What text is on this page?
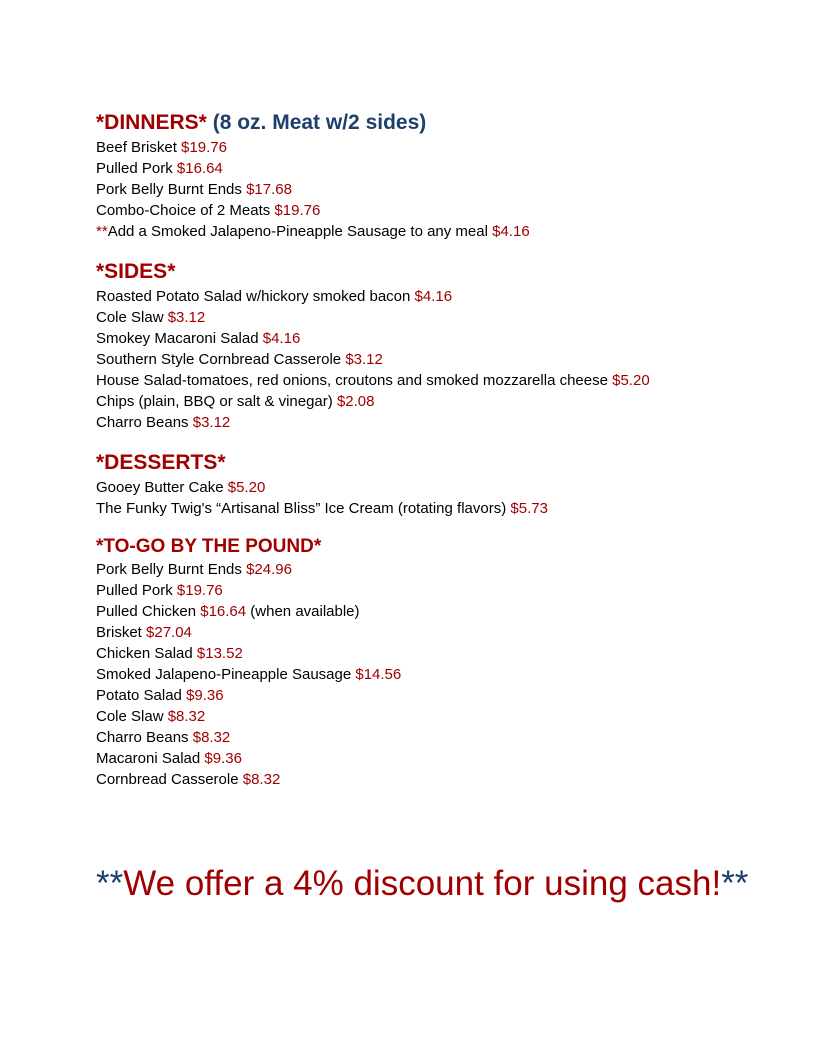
*DINNERS* (8 oz. Meat w/2 sides)
Beef Brisket $19.76
Pulled Pork $16.64
Pork Belly Burnt Ends $17.68
Combo-Choice of 2 Meats $19.76
**Add a Smoked Jalapeno-Pineapple Sausage to any meal $4.16
*SIDES*
Roasted Potato Salad w/hickory smoked bacon $4.16
Cole Slaw $3.12
Smokey Macaroni Salad $4.16
Southern Style Cornbread Casserole $3.12
House Salad-tomatoes, red onions, croutons and smoked mozzarella cheese $5.20
Chips (plain, BBQ or salt & vinegar) $2.08
Charro Beans $3.12
*DESSERTS*
Gooey Butter Cake $5.20
The Funky Twig's “Artisanal Bliss” Ice Cream (rotating flavors) $5.73
*TO-GO BY THE POUND*
Pork Belly Burnt Ends $24.96
Pulled Pork $19.76
Pulled Chicken $16.64 (when available)
Brisket $27.04
Chicken Salad $13.52
Smoked Jalapeno-Pineapple Sausage $14.56
Potato Salad $9.36
Cole Slaw $8.32
Charro Beans $8.32
Macaroni Salad $9.36
Cornbread Casserole $8.32
**We offer a 4% discount for using cash!**
